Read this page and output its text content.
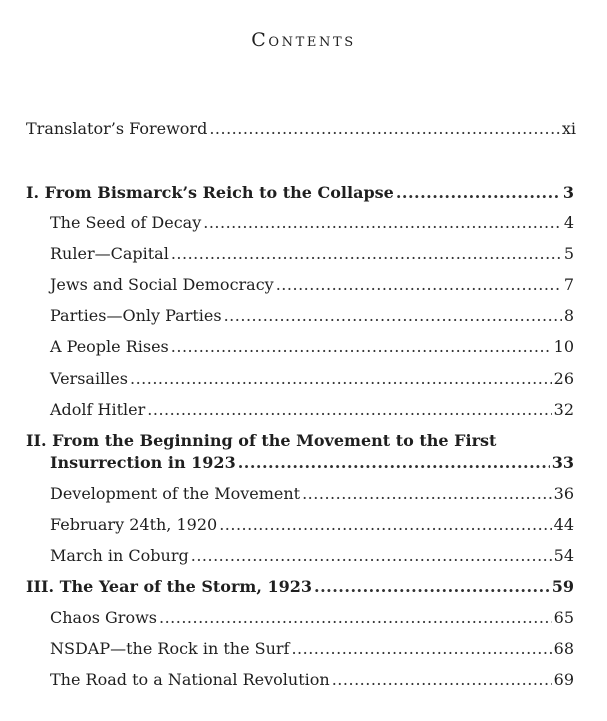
Contents
Translator’s Foreword .....	xi
I. From Bismarck’s Reich to the Collapse .....	3
The Seed of Decay .....	4
Ruler—Capital .....	5
Jews and Social Democracy .....	7
Parties—Only Parties .....	8
A People Rises .....	10
Versailles .....	26
Adolf Hitler .....	32
II. From the Beginning of the Movement to the First
Insurrection in 1923 .....	33
Development of the Movement .....	36
February 24th, 1920 .....	44
March in Coburg .....	54
III. The Year of the Storm, 1923 .....	59
Chaos Grows .....	65
NSDAP—the Rock in the Surf .....	68
The Road to a National Revolution .....	69
